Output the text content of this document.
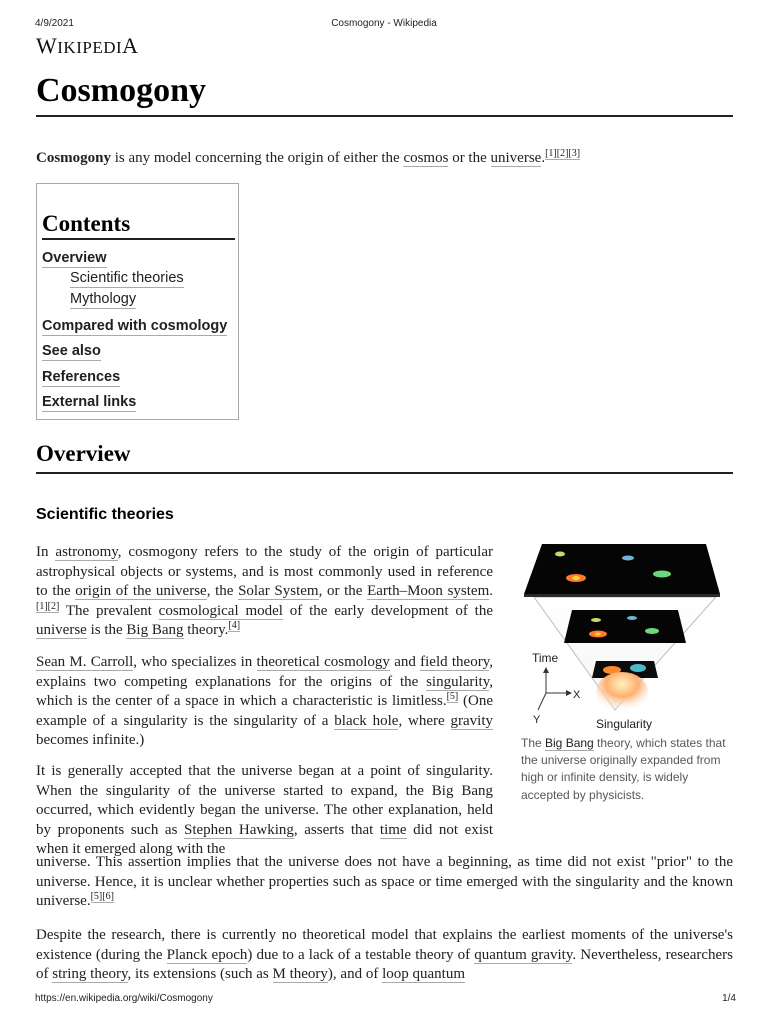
4/9/2021	Cosmogony - Wikipedia
https://en.wikipedia.org/wiki/Cosmogony	1/4
WIKIPEDIA
Cosmogony

Cosmogony is any model concerning the origin of either the cosmos or the universe.[1][2][3]

Contents
Overview
Scientific theories
Mythology
Compared with cosmology
See also
References
External links
Overview
Scientific theories

In astronomy, cosmogony refers to the study of the origin of particular astrophysical objects or systems, and is most commonly used in reference to the origin of the universe, the Solar System, or the Earth–Moon system.[1][2] The prevalent cosmological model of the early development of the universe is the Big Bang theory.[4]

Sean M. Carroll, who specializes in theoretical cosmology and field theory, explains two competing explanations for the origins of the singularity, which is the center of a space in which a characteristic is limitless.[5] (One example of a singularity is the singularity of a black hole, where gravity becomes infinite.)

It is generally accepted that the universe began at a point of singularity. When the singularity of the universe started to expand, the Big Bang occurred, which evidently began the universe. The other explanation, held by proponents such as Stephen Hawking, asserts that time did not exist when it emerged along with the

universe. This assertion implies that the universe does not have a beginning, as time did not exist "prior" to the universe. Hence, it is unclear whether properties such as space or time emerged with the singularity and the known universe.[5][6]

Despite the research, there is currently no theoretical model that explains the earliest moments of the universe's existence (during the Planck epoch) due to a lack of a testable theory of quantum gravity. Nevertheless, researchers of string theory, its extensions (such as M theory), and of loop quantum

Time
X
Y	Singularity

The Big Bang theory, which states that the universe originally expanded from high or infinite density, is widely accepted by physicists.
